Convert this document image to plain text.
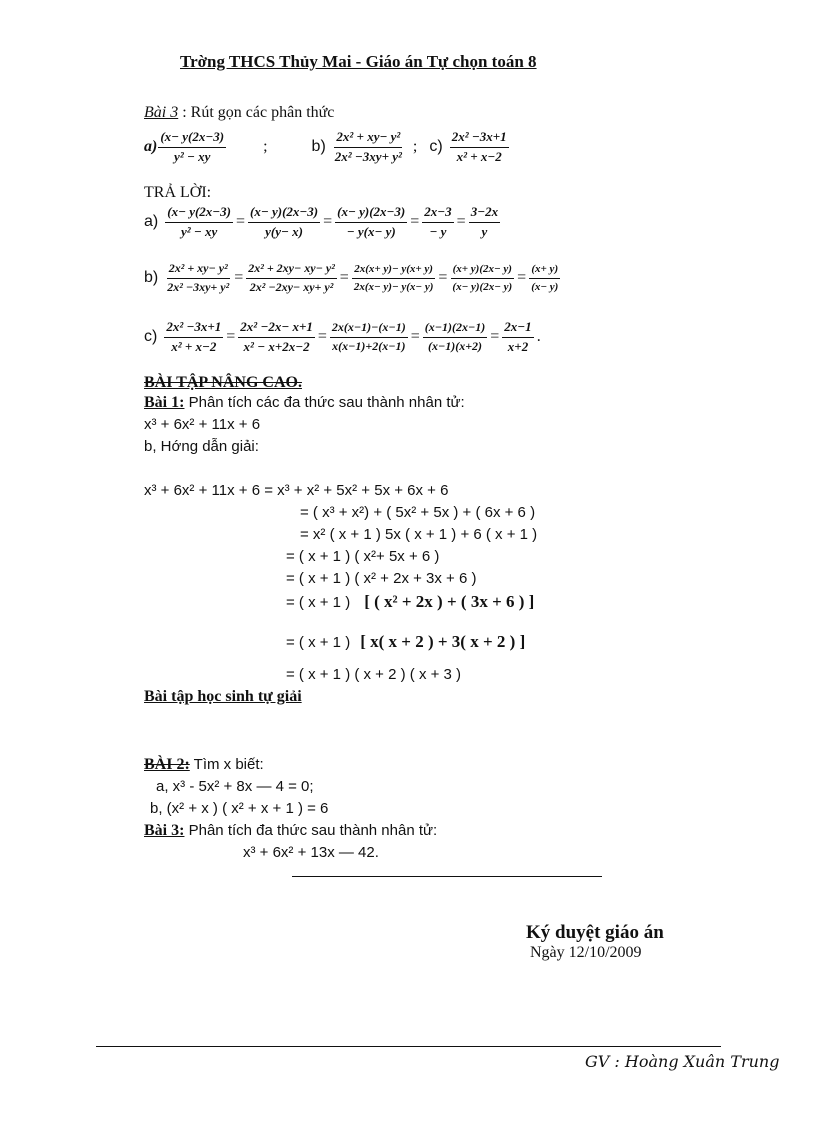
Trờng THCS Thủy Mai - Giáo án Tự chọn toán 8
Bài 3 : Rút gọn các phân thức
$a) \frac{(x- y(2x-3)}{\text{y² − xy}}$ ;	$b) \frac{\text{2x² + xy− y²}}{\text{2x² −3xy+ y²}}$ ; $c) \frac{\text{2x² −3x+1}}{\text{x² + x−2}}$
TRẢ LỜI:
$a) \frac{(x- y(2x-3)}{\text{y² − xy}} = \frac{(x- y)(2x-3)}{y(y- x)} = \frac{(x- y)(2x-3)}{- y(x- y)} = \frac{2x-3}{- y} = \frac{3-2x}{y}$
$b) \frac{\text{2x² + xy− y²}}{\text{2x² −3xy+ y²}} = \frac{\text{2x² + 2xy− xy− y²}}{\text{2x² −2xy− xy+ y²}} = \frac{2x(x+ y)- y(x+ y)}{2x(x- y)- y(x- y)} = \frac{(x+ y)(2x- y)}{(x- y)(2x- y)} = \frac{(x+ y)}{(x- y)}$
$c) \frac{\text{2x² −3x+1}}{\text{x² + x−2}} = \frac{\text{2x² −2x− x+1}}{\text{x² − x+2x−2}} = \frac{2x(x-1)-(x-1)}{x(x-1)+2(x-1)} = \frac{(x-1)(2x-1)}{(x-1)(x+2)} = \frac{2x-1}{x+2}$ .
BÀI TẬP NÂNG CAO.
Bài 1: Phân tích các đa thức sau thành nhân tử:
x³ + 6x² + 11x + 6
b, Hớng dẫn giải:
x³ + 6x² + 11x + 6 = x³ + x² + 5x² + 5x + 6x + 6
= ( x³ + x²) + ( 5x² + 5x ) + ( 6x + 6 )
= x² ( x + 1 ) 5x ( x + 1 ) + 6 ( x + 1 )
= ( x + 1 ) ( x²+ 5x + 6 )
= ( x + 1 ) ( x² + 2x + 3x + 6 )
= ( x + 1 ) [ ( x² + 2x ) + ( 3x + 6 ) ]
= ( x + 1 ) [ x( x + 2 ) + 3( x + 2 ) ]
= ( x + 1 ) ( x + 2 ) ( x + 3 )
Bài tập học sinh tự giải
BÀI 2: Tìm x biết:
a, x³ - 5x² + 8x — 4 = 0;
b, (x² + x ) ( x² + x + 1 ) = 6
Bài 3: Phân tích đa thức sau thành nhân tử:
x³ + 6x² + 13x — 42.
Ký duyệt giáo án
Ngày 12/10/2009
GV : Hoàng Xuân Trung
